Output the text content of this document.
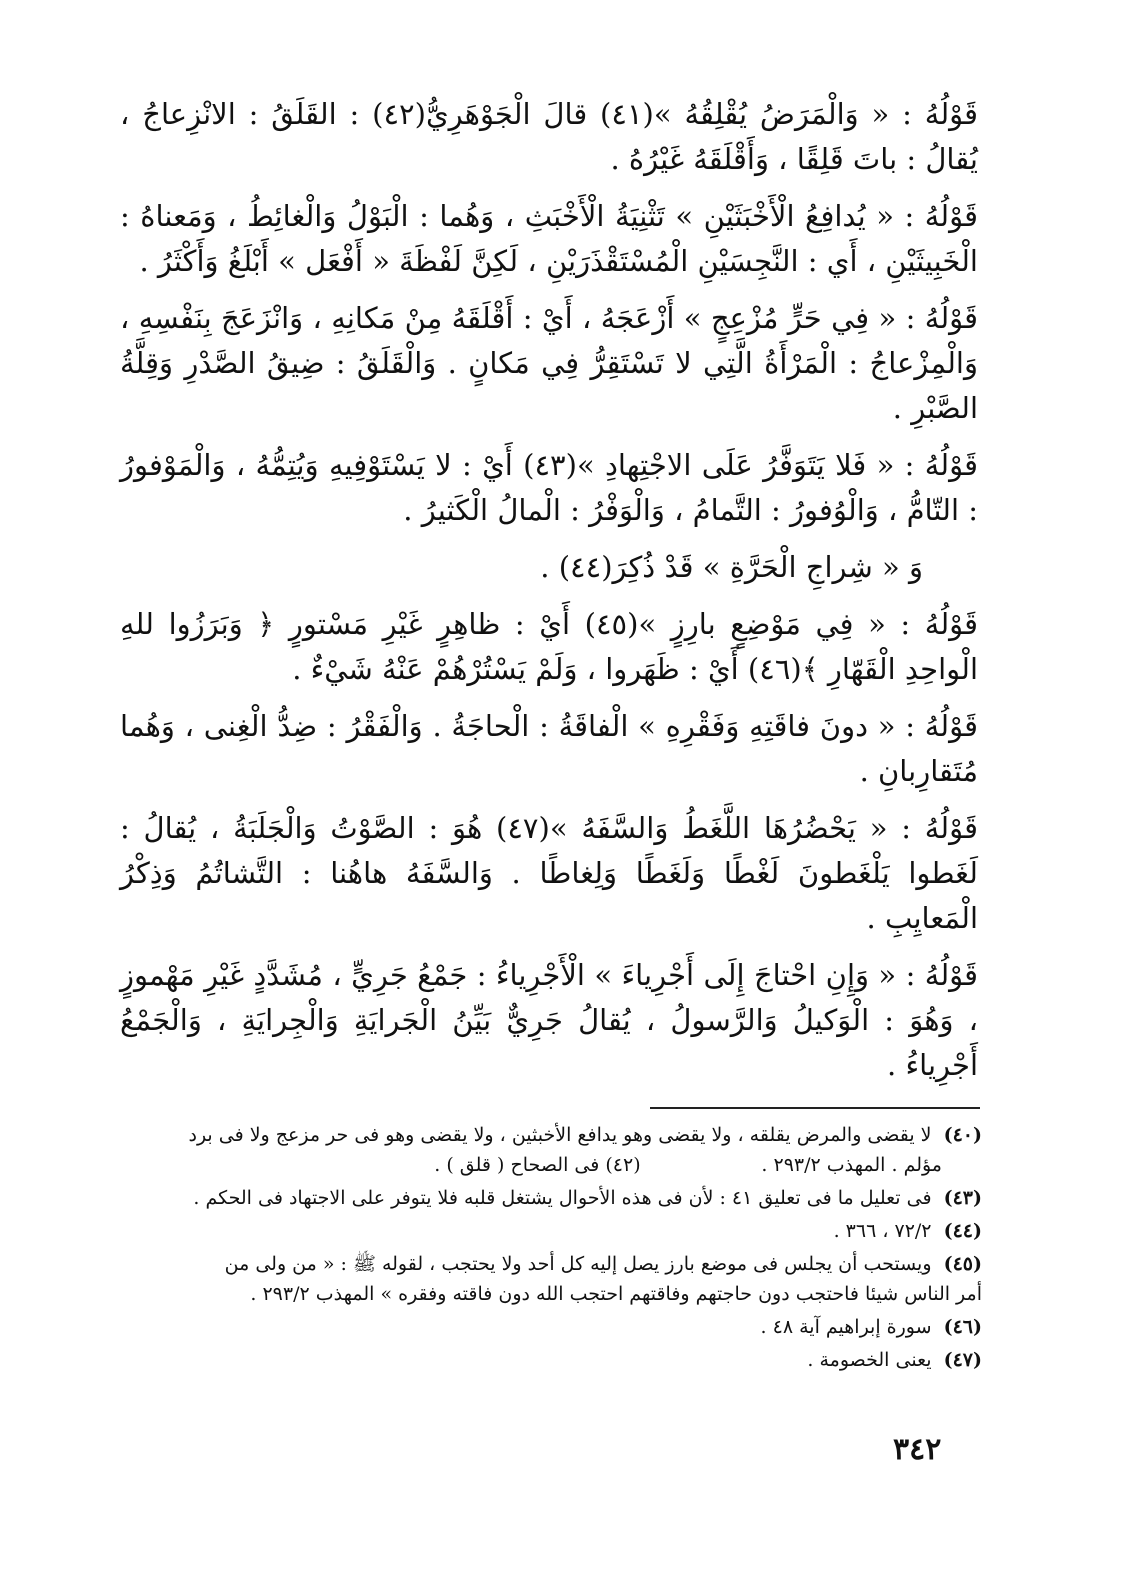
قَوْلُهُ : « وَالْمَرَضُ يُقْلِقُهُ »(٤١) قالَ الْجَوْهَرِيُّ(٤٢) : القَلَقُ : الانْزِعاجُ ، يُقالُ : باتَ قَلِقًا ، وَأَقْلَقَهُ غَيْرُهُ .

قَوْلُهُ : « يُدافِعُ الْأَخْبَثَيْنِ » تَثْنِيَةُ الْأَخْبَثِ ، وَهُما : الْبَوْلُ وَالْغائِطُ ، وَمَعناهُ : الْخَبِيثَيْنِ ، أَي : النَّجِسَيْنِ الْمُسْتَقْذَرَيْنِ ، لَكِنَّ لَفْظَةَ « أَفْعَل » أَبْلَغُ وَأَكْثَرُ .

قَوْلُهُ : « فِي حَرٍّ مُزْعِجٍ » أَزْعَجَهُ ، أَيْ : أَقْلَقَهُ مِنْ مَكانِهِ ، وَانْزَعَجَ بِنَفْسِهِ ، وَالْمِزْعاجُ : الْمَرْأَةُ الَّتِي لا تَسْتَقِرُّ فِي مَكانٍ . وَالْقَلَقُ : ضِيقُ الصَّدْرِ وَقِلَّةُ الصَّبْرِ .

قَوْلُهُ : « فَلا يَتَوَفَّرُ عَلَى الاجْتِهادِ »(٤٣) أَيْ : لا يَسْتَوْفِيهِ وَيُتِمُّهُ ، وَالْمَوْفورُ : التّامُّ ، وَالْوُفورُ : التَّمامُ ، وَالْوَفْرُ : الْمالُ الْكَثيرُ .

وَ « شِراجِ الْحَرَّةِ » قَدْ ذُكِرَ(٤٤) .

قَوْلُهُ : « فِي مَوْضِعٍ بارِزٍ »(٤٥) أَيْ : ظاهِرٍ غَيْرِ مَسْتورٍ ﴿ وَبَرَزُوا للهِ الْواحِدِ الْقَهّارِ ﴾(٤٦) أَيْ : ظَهَروا ، وَلَمْ يَسْتُرْهُمْ عَنْهُ شَيْءٌ .

قَوْلُهُ : « دونَ فاقَتِهِ وَفَقْرِهِ » الْفاقَةُ : الْحاجَةُ . وَالْفَقْرُ : ضِدُّ الْغِنى ، وَهُما مُتَقارِبانِ .

قَوْلُهُ : « يَحْضُرُهَا اللَّغَطُ وَالسَّفَهُ »(٤٧) هُوَ : الصَّوْتُ وَالْجَلَبَةُ ، يُقالُ : لَغَطوا يَلْغَطونَ لَغْطًا وَلَغَطًا وَلِغاطًا . وَالسَّفَهُ هاهُنا : التَّشاتُمُ وَذِكْرُ الْمَعايِبِ .

قَوْلُهُ : « وَإِنِ احْتاجَ إِلَى أَجْرِياءَ » الْأَجْرِياءُ : جَمْعُ جَرِيٍّ ، مُشَدَّدٍ غَيْرِ مَهْموزٍ ، وَهُوَ : الْوَكيلُ وَالرَّسولُ ، يُقالُ جَرِيٌّ بَيِّنُ الْجَرايَةِ وَالْجِرايَةِ ، وَالْجَمْعُ أَجْرِياءُ .

(٤٠) لا يقضى والمرض يقلقه ، ولا يقضى وهو يدافع الأخبثين ، ولا يقضى وهو فى حر مزعج ولا فى برد
مؤلم . المهذب ٢٩٣/٢ .                    (٤٢) فى الصحاح ( قلق ) .
(٤٣) فى تعليل ما فى تعليق ٤١ : لأن فى هذه الأحوال يشتغل قلبه فلا يتوفر على الاجتهاد فى الحكم .
(٤٤) ٧٢/٢ ، ٣٦٦ .
(٤٥) ويستحب أن يجلس فى موضع بارز يصل إليه كل أحد ولا يحتجب ، لقوله ﷺ : « من ولى من
أمر الناس شيئا فاحتجب دون حاجتهم وفاقتهم احتجب الله دون فاقته وفقره » المهذب ٢٩٣/٢ .
(٤٦) سورة إبراهيم آية ٤٨ .
(٤٧) يعنى الخصومة .
٣٤٢
